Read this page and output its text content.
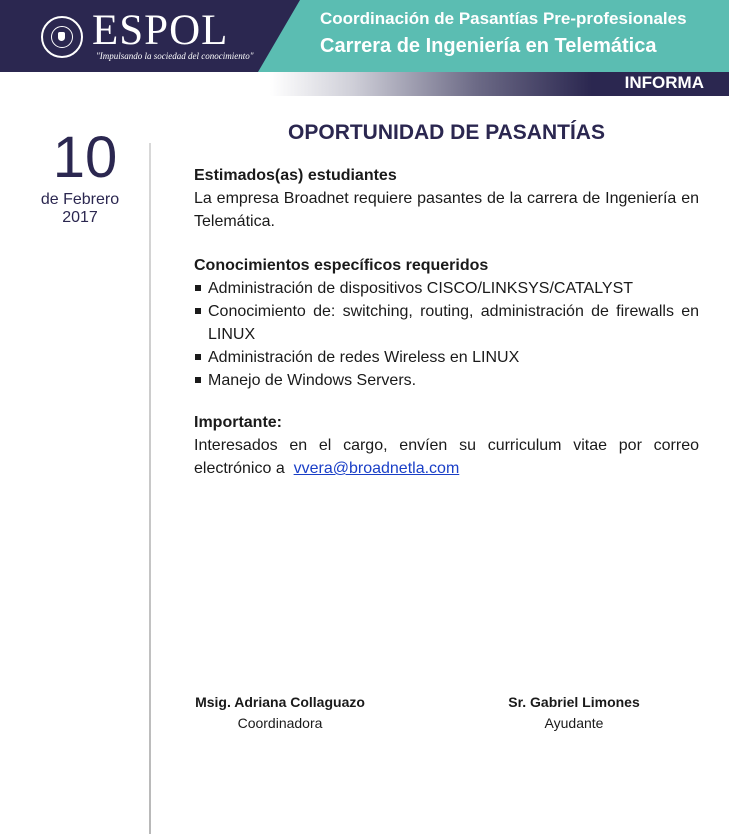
ESPOL
"Impulsando la sociedad del conocimiento"
Coordinación de Pasantías Pre-profesionales
Carrera de Ingeniería en Telemática
INFORMA
10
de Febrero
2017
OPORTUNIDAD DE PASANTÍAS
Estimados(as) estudiantes
La empresa Broadnet requiere pasantes de la carrera de Ingeniería en Telemática.
Conocimientos específicos requeridos
Administración de dispositivos CISCO/LINKSYS/CATALYST
Conocimiento de: switching, routing, administración de firewalls en LINUX
Administración de redes Wireless en LINUX
Manejo de Windows Servers.
Importante:
Interesados en el cargo, envíen su curriculum vitae por correo electrónico a vvera@broadnetla.com
Msig. Adriana Collaguazo
Coordinadora
Sr. Gabriel Limones
Ayudante
